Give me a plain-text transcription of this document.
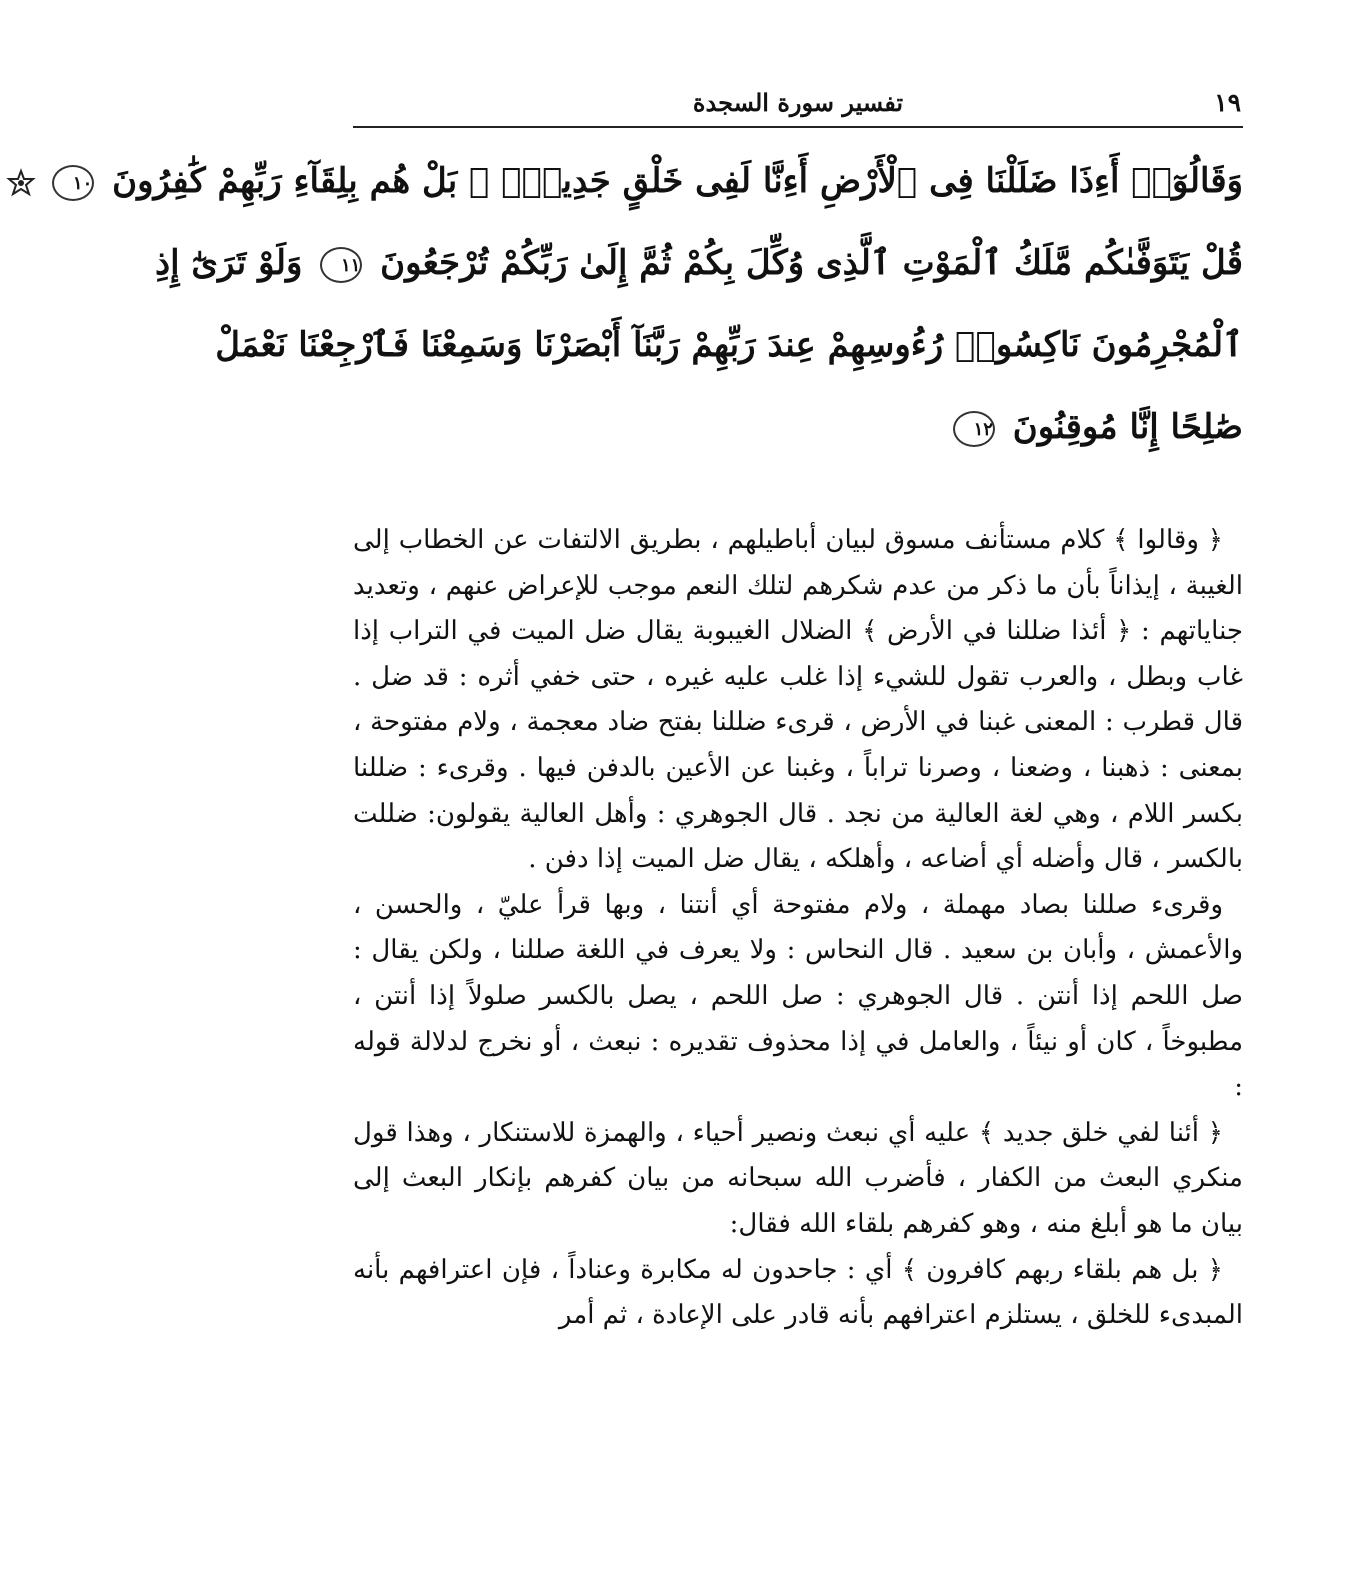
١٩
تفسير سورة السجدة
وَقَالُوٓا۟ أَءِذَا ضَلَلْنَا فِى ٱلْأَرْضِ أَءِنَّا لَفِى خَلْقٍ جَدِيدٍۭ ۚ بَلْ هُم بِلِقَآءِ رَبِّهِمْ كَٰفِرُونَ ١٠
قُلْ يَتَوَفَّىٰكُم مَّلَكُ ٱلْمَوْتِ ٱلَّذِى وُكِّلَ بِكُمْ ثُمَّ إِلَىٰ رَبِّكُمْ تُرْجَعُونَ ١١ وَلَوْ تَرَىٰٓ إِذِ
ٱلْمُجْرِمُونَ نَاكِسُوا۟ رُءُوسِهِمْ عِندَ رَبِّهِمْ رَبَّنَآ أَبْصَرْنَا وَسَمِعْنَا فَٱرْجِعْنَا نَعْمَلْ
صَٰلِحًا إِنَّا مُوقِنُونَ ١٢

﴿ وقالوا ﴾ كلام مستأنف مسوق لبيان أباطيلهم ، بطريق الالتفات عن الخطاب إلى الغيبة ، إيذاناً بأن ما ذكر من عدم شكرهم لتلك النعم موجب للإعراض عنهم ، وتعديد جناياتهم : ﴿ أئذا ضللنا في الأرض ﴾ الضلال الغيبوبة يقال ضل الميت في التراب إذا غاب وبطل ، والعرب تقول للشيء إذا غلب عليه غيره ، حتى خفي أثره : قد ضل . قال قطرب : المعنى غبنا في الأرض ، قرىء ضللنا بفتح ضاد معجمة ، ولام مفتوحة ، بمعنى : ذهبنا ، وضعنا ، وصرنا تراباً ، وغبنا عن الأعين بالدفن فيها . وقرىء : ضللنا بكسر اللام ، وهي لغة العالية من نجد . قال الجوهري : وأهل العالية يقولون: ضللت بالكسر ، قال وأضله أي أضاعه ، وأهلكه ، يقال ضل الميت إذا دفن .

وقرىء صللنا بصاد مهملة ، ولام مفتوحة أي أنتنا ، وبها قرأ عليّ ، والحسن ، والأعمش ، وأبان بن سعيد . قال النحاس : ولا يعرف في اللغة صللنا ، ولكن يقال : صل اللحم إذا أنتن . قال الجوهري : صل اللحم ، يصل بالكسر صلولاً إذا أنتن ، مطبوخاً ، كان أو نيئاً ، والعامل في إذا محذوف تقديره : نبعث ، أو نخرج لدلالة قوله :

﴿ أئنا لفي خلق جديد ﴾ عليه أي نبعث ونصير أحياء ، والهمزة للاستنكار ، وهذا قول منكري البعث من الكفار ، فأضرب الله سبحانه من بيان كفرهم بإنكار البعث إلى بيان ما هو أبلغ منه ، وهو كفرهم بلقاء الله فقال:

﴿ بل هم بلقاء ربهم كافرون ﴾ أي : جاحدون له مكابرة وعناداً ، فإن اعترافهم بأنه المبدىء للخلق ، يستلزم اعترافهم بأنه قادر على الإعادة ، ثم أمر
